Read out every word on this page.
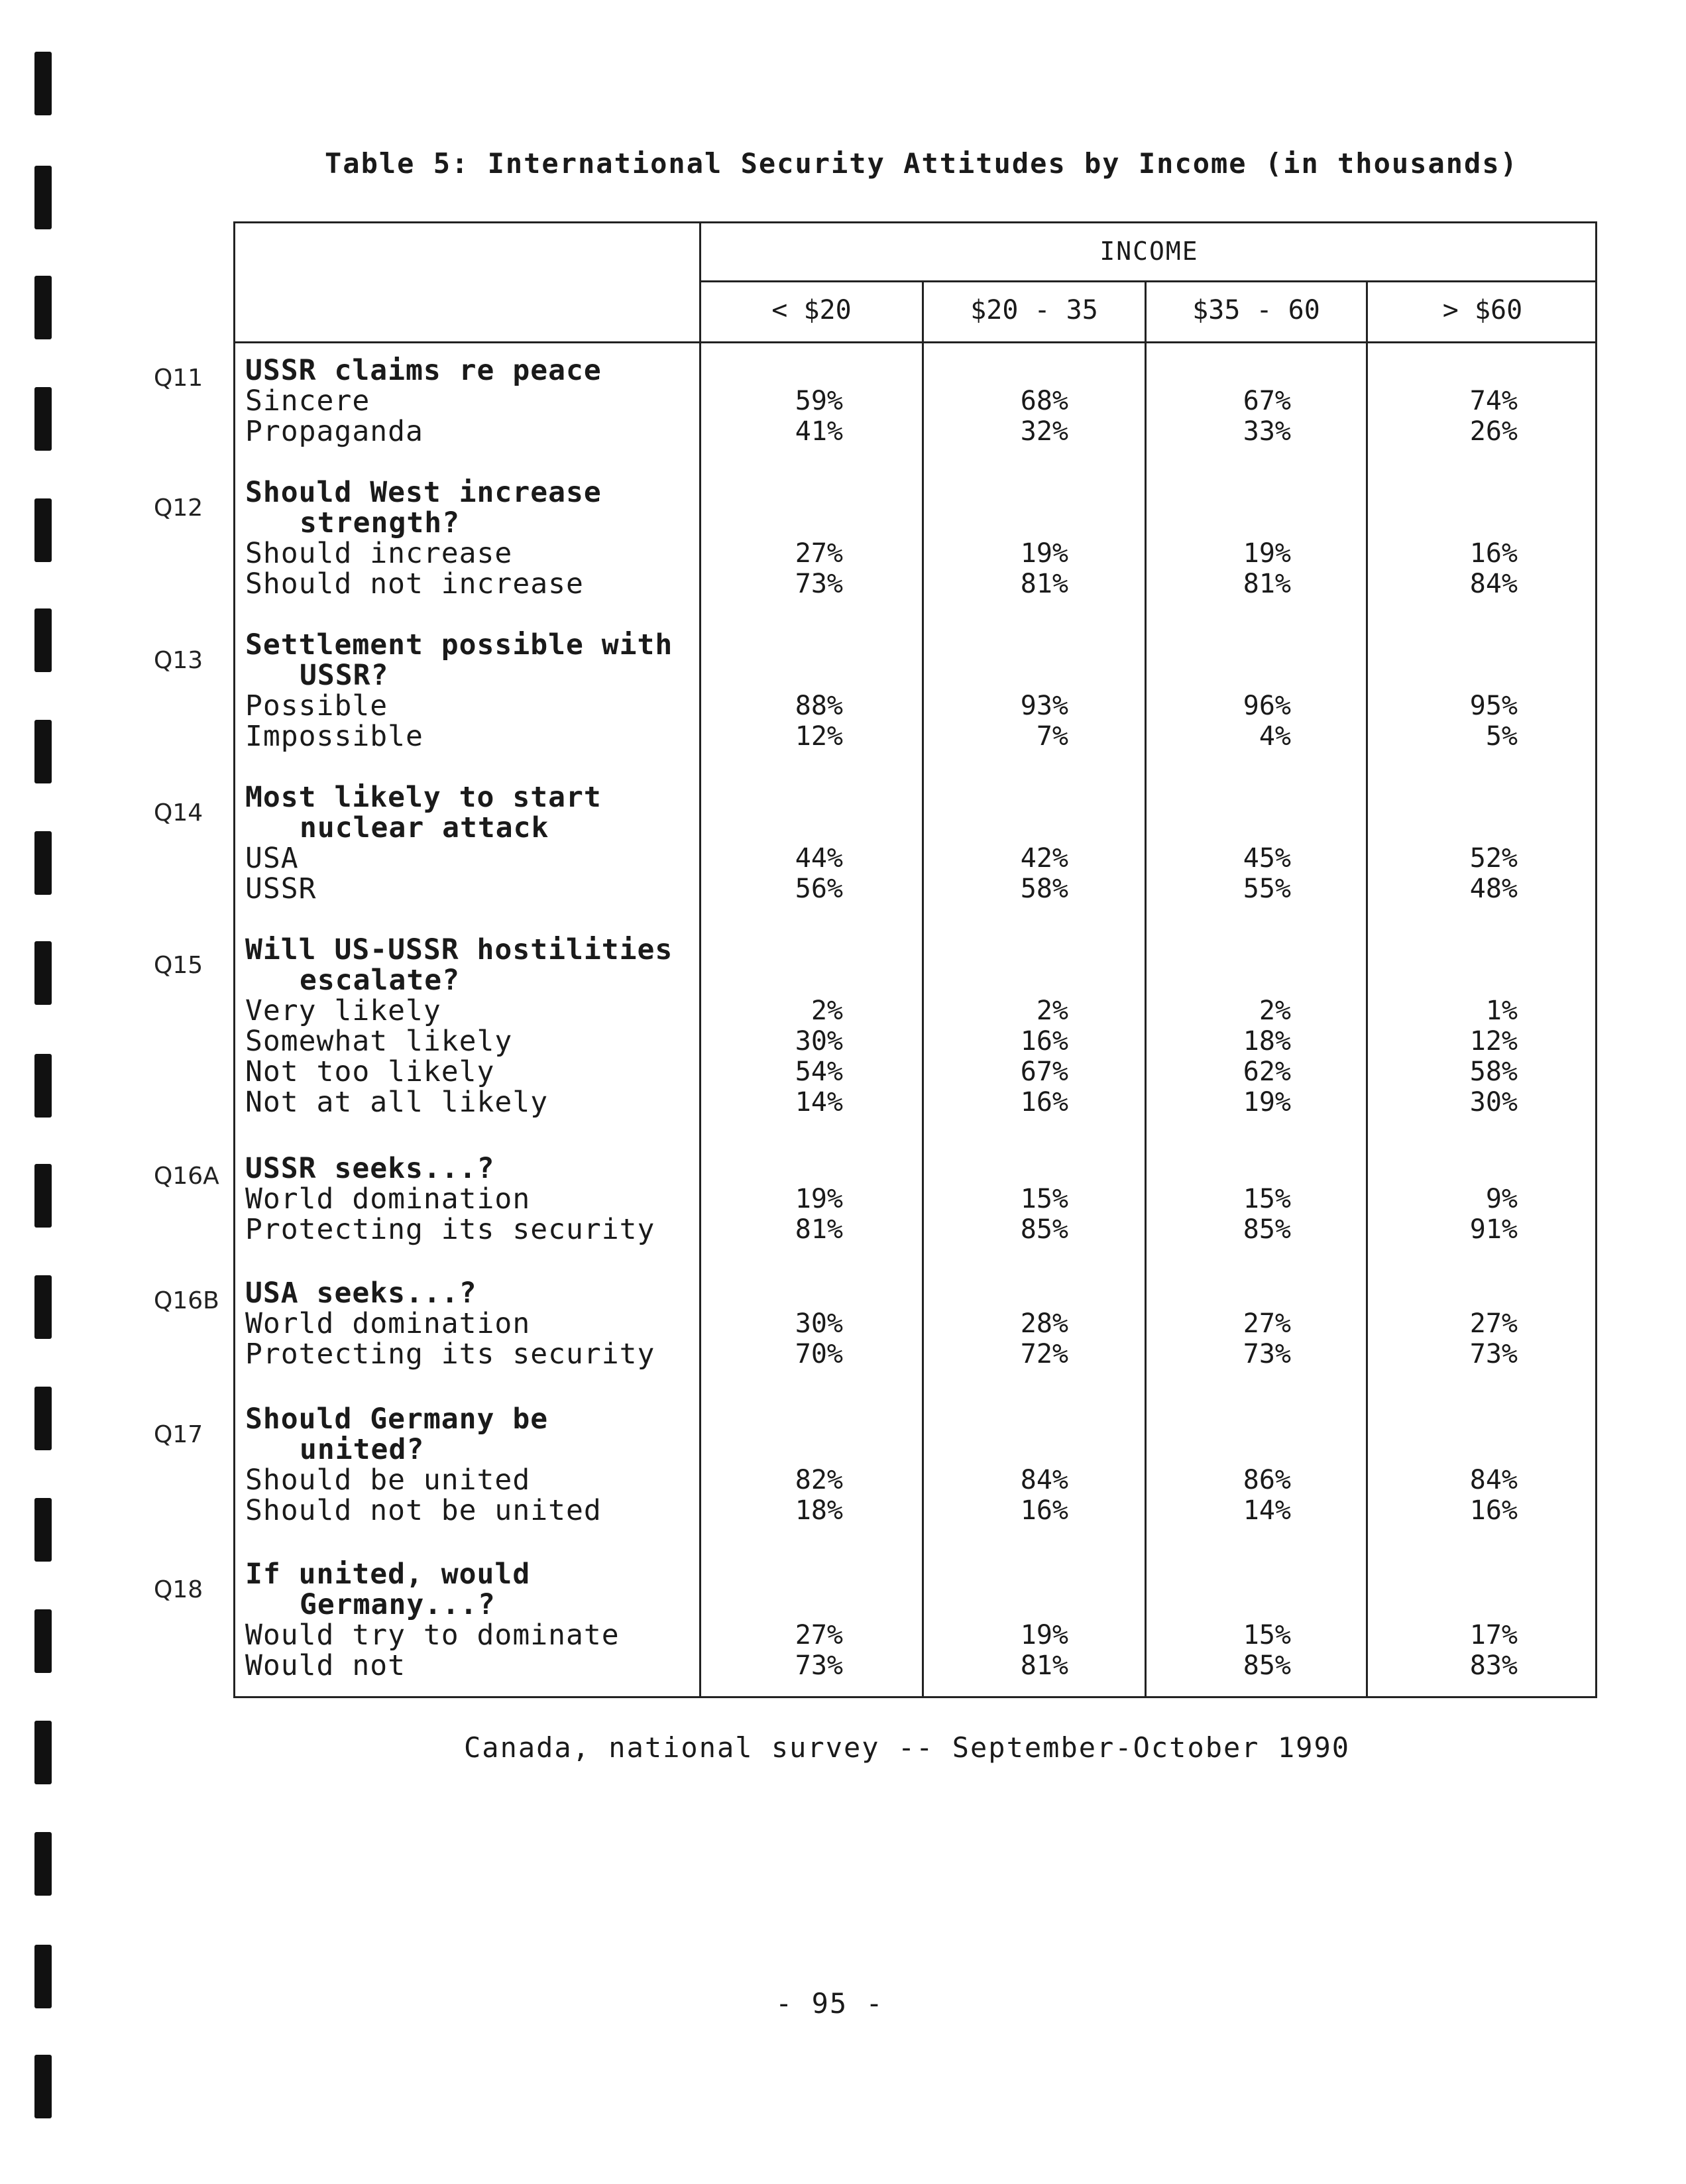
Table 5: International Security Attitudes by Income (in thousands)
INCOME
< $20	$20 - 35	$35 - 60	> $60
Q11 USSR claims re peace
Sincere	59%	68%	67%	74%
Propaganda	41%	32%	33%	26%
Q12 Should West increase
strength?
Should increase	27%	19%	19%	16%
Should not increase	73%	81%	81%	84%
Q13 Settlement possible with
USSR?
Possible	88%	93%	96%	95%
Impossible	12%	7%	4%	5%
Q14 Most likely to start
nuclear attack
USA	44%	42%	45%	52%
USSR	56%	58%	55%	48%
Q15 Will US-USSR hostilities
escalate?
Very likely	2%	2%	2%	1%
Somewhat likely	30%	16%	18%	12%
Not too likely	54%	67%	62%	58%
Not at all likely	14%	16%	19%	30%
Q16A USSR seeks...?
World domination	19%	15%	15%	9%
Protecting its security	81%	85%	85%	91%
Q16B USA seeks...?
World domination	30%	28%	27%	27%
Protecting its security	70%	72%	73%	73%
Q17 Should Germany be
united?
Should be united	82%	84%	86%	84%
Should not be united	18%	16%	14%	16%
Q18 If united, would
Germany...?
Would try to dominate	27%	19%	15%	17%
Would not	73%	81%	85%	83%
Canada, national survey -- September-October 1990
- 95 -
